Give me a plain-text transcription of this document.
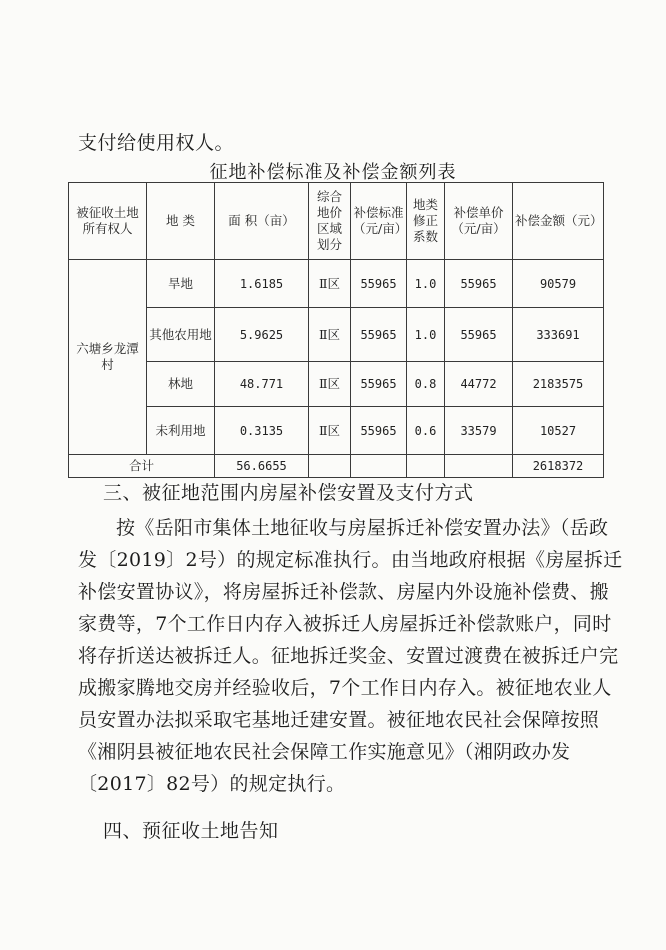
支付给使用权人。
征地补偿标准及补偿金额列表
被征收土地所有权人	地 类	面 积（亩）	综合地价区域划分	补偿标准（元/亩）	地类修正系数	补偿单价（元/亩）	补偿金额（元）
六塘乡龙潭村	旱地	1.6185	Ⅱ区	55965	1.0	55965	90579
	其他农用地	5.9625	Ⅱ区	55965	1.0	55965	333691
	林地	48.771	Ⅱ区	55965	0.8	44772	2183575
	未利用地	0.3135	Ⅱ区	55965	0.6	33579	10527
合计		56.6655					2618372
三、被征地范围内房屋补偿安置及支付方式
按《岳阳市集体土地征收与房屋拆迁补偿安置办法》（岳政
发〔2019〕2号）的规定标准执行。由当地政府根据《房屋拆迁
补偿安置协议》，将房屋拆迁补偿款、房屋内外设施补偿费、搬
家费等，7个工作日内存入被拆迁人房屋拆迁补偿款账户，同时
将存折送达被拆迁人。征地拆迁奖金、安置过渡费在被拆迁户完
成搬家腾地交房并经验收后，7个工作日内存入。被征地农业人
员安置办法拟采取宅基地迁建安置。被征地农民社会保障按照
《湘阴县被征地农民社会保障工作实施意见》（湘阴政办发
〔2017〕82号）的规定执行。
四、预征收土地告知
